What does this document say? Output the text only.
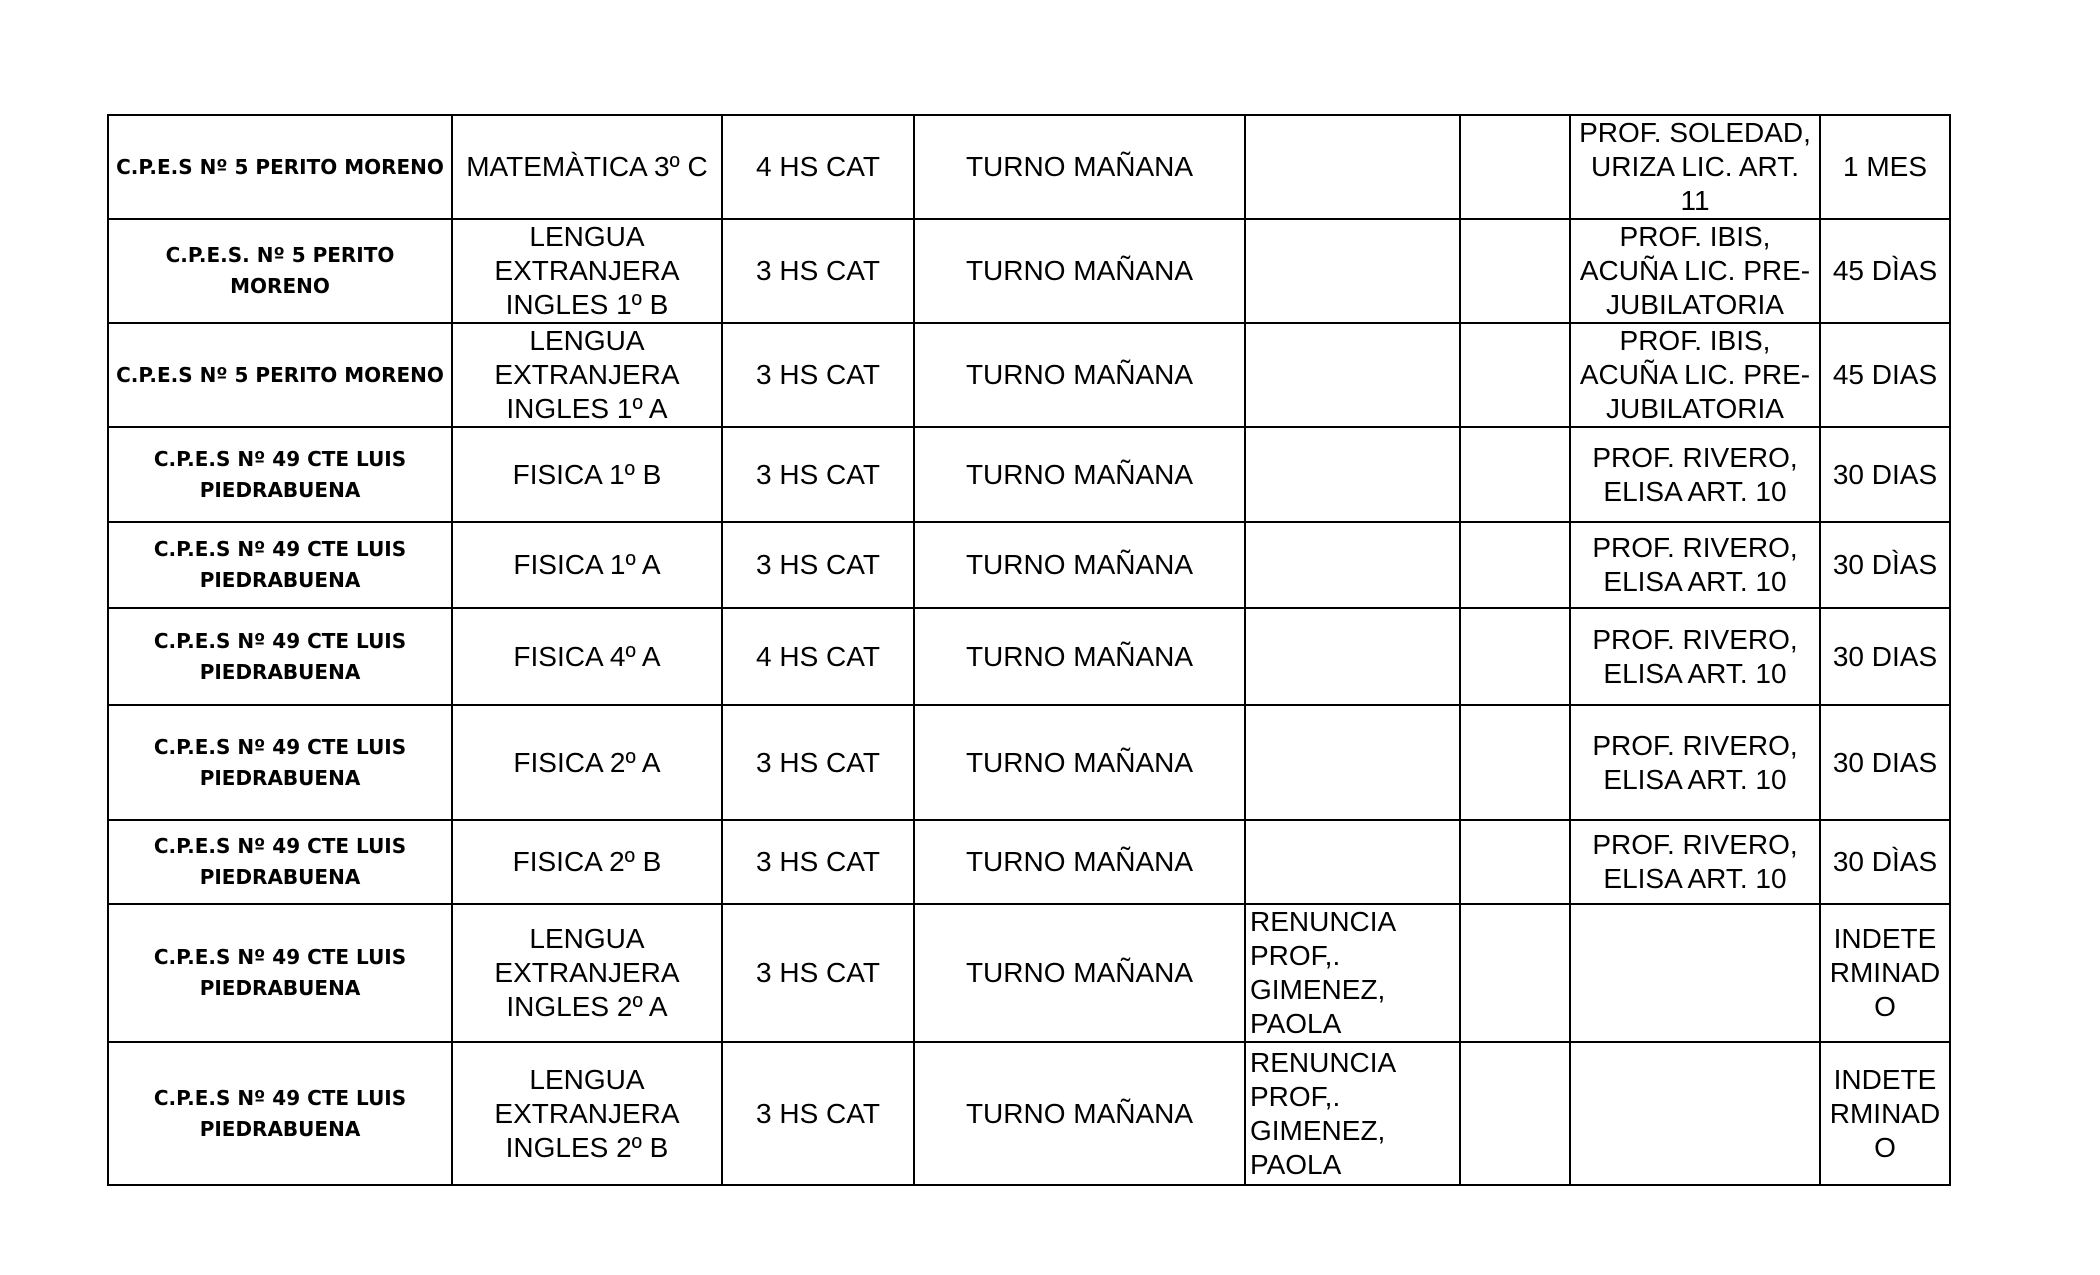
C.P.E.S Nº 5 PERITO MORENO	MATEMÀTICA 3º C	4 HS CAT	TURNO MAÑANA			PROF. SOLEDAD,
URIZA LIC. ART.
11	1 MES

C.P.E.S. Nº 5 PERITO MORENO	LENGUA
EXTRANJERA
INGLES 1º B	3 HS CAT	TURNO MAÑANA			PROF. IBIS,
ACUÑA LIC. PRE-
JUBILATORIA	45 DÌAS

C.P.E.S Nº 5 PERITO MORENO	LENGUA
EXTRANJERA
INGLES 1º A	3 HS CAT	TURNO MAÑANA			PROF. IBIS,
ACUÑA LIC. PRE-
JUBILATORIA	45 DIAS

C.P.E.S Nº 49 CTE LUIS
PIEDRABUENA	FISICA 1º B	3 HS CAT	TURNO MAÑANA			PROF. RIVERO,
ELISA ART. 10	30 DIAS

C.P.E.S Nº 49 CTE LUIS
PIEDRABUENA	FISICA 1º A	3 HS CAT	TURNO MAÑANA			PROF. RIVERO,
ELISA ART. 10	30 DÌAS

C.P.E.S Nº 49 CTE LUIS
PIEDRABUENA	FISICA 4º A	4 HS CAT	TURNO MAÑANA			PROF. RIVERO,
ELISA ART. 10	30 DIAS

C.P.E.S Nº 49 CTE LUIS
PIEDRABUENA	FISICA 2º A	3 HS CAT	TURNO MAÑANA			PROF. RIVERO,
ELISA ART. 10	30 DIAS

C.P.E.S Nº 49 CTE LUIS
PIEDRABUENA	FISICA 2º B	3 HS CAT	TURNO MAÑANA			PROF. RIVERO,
ELISA ART. 10	30 DÌAS

C.P.E.S Nº 49 CTE LUIS
PIEDRABUENA	LENGUA
EXTRANJERA
INGLES 2º A	3 HS CAT	TURNO MAÑANA	RENUNCIA
PROF,.
GIMENEZ,
PAOLA			INDETE
RMINAD
O

C.P.E.S Nº 49 CTE LUIS
PIEDRABUENA	LENGUA
EXTRANJERA
INGLES 2º B	3 HS CAT	TURNO MAÑANA	RENUNCIA
PROF,.
GIMENEZ,
PAOLA			INDETE
RMINAD
O
